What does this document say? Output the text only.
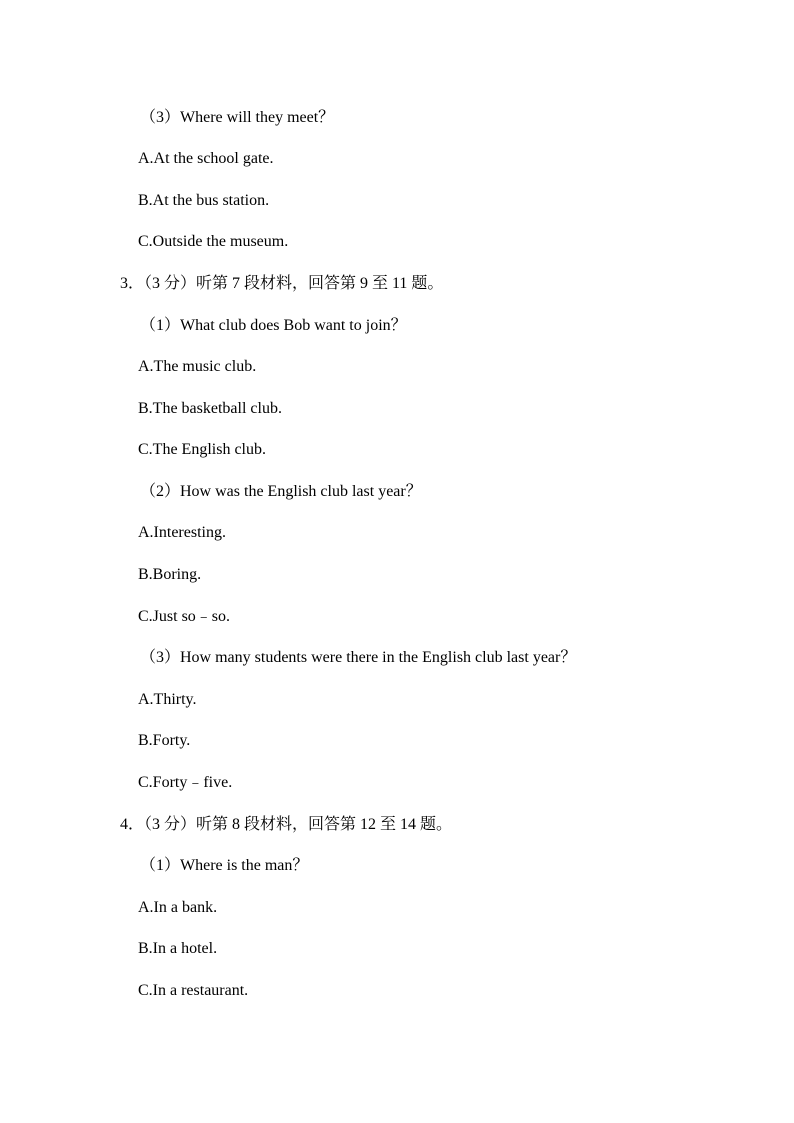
（3）Where will they meet？
A.At the school gate.
B.At the bus station.
C.Outside the museum.
3．（3 分）听第 7 段材料，回答第 9 至 11 题。
（1）What club does Bob want to join？
A.The music club.
B.The basketball club.
C.The English club.
（2）How was the English club last year？
A.Interesting.
B.Boring.
C.Just so﹣so.
（3）How many students were there in the English club last year？
A.Thirty.
B.Forty.
C.Forty﹣five.
4．（3 分）听第 8 段材料，回答第 12 至 14 题。
（1）Where is the man？
A.In a bank.
B.In a hotel.
C.In a restaurant.
